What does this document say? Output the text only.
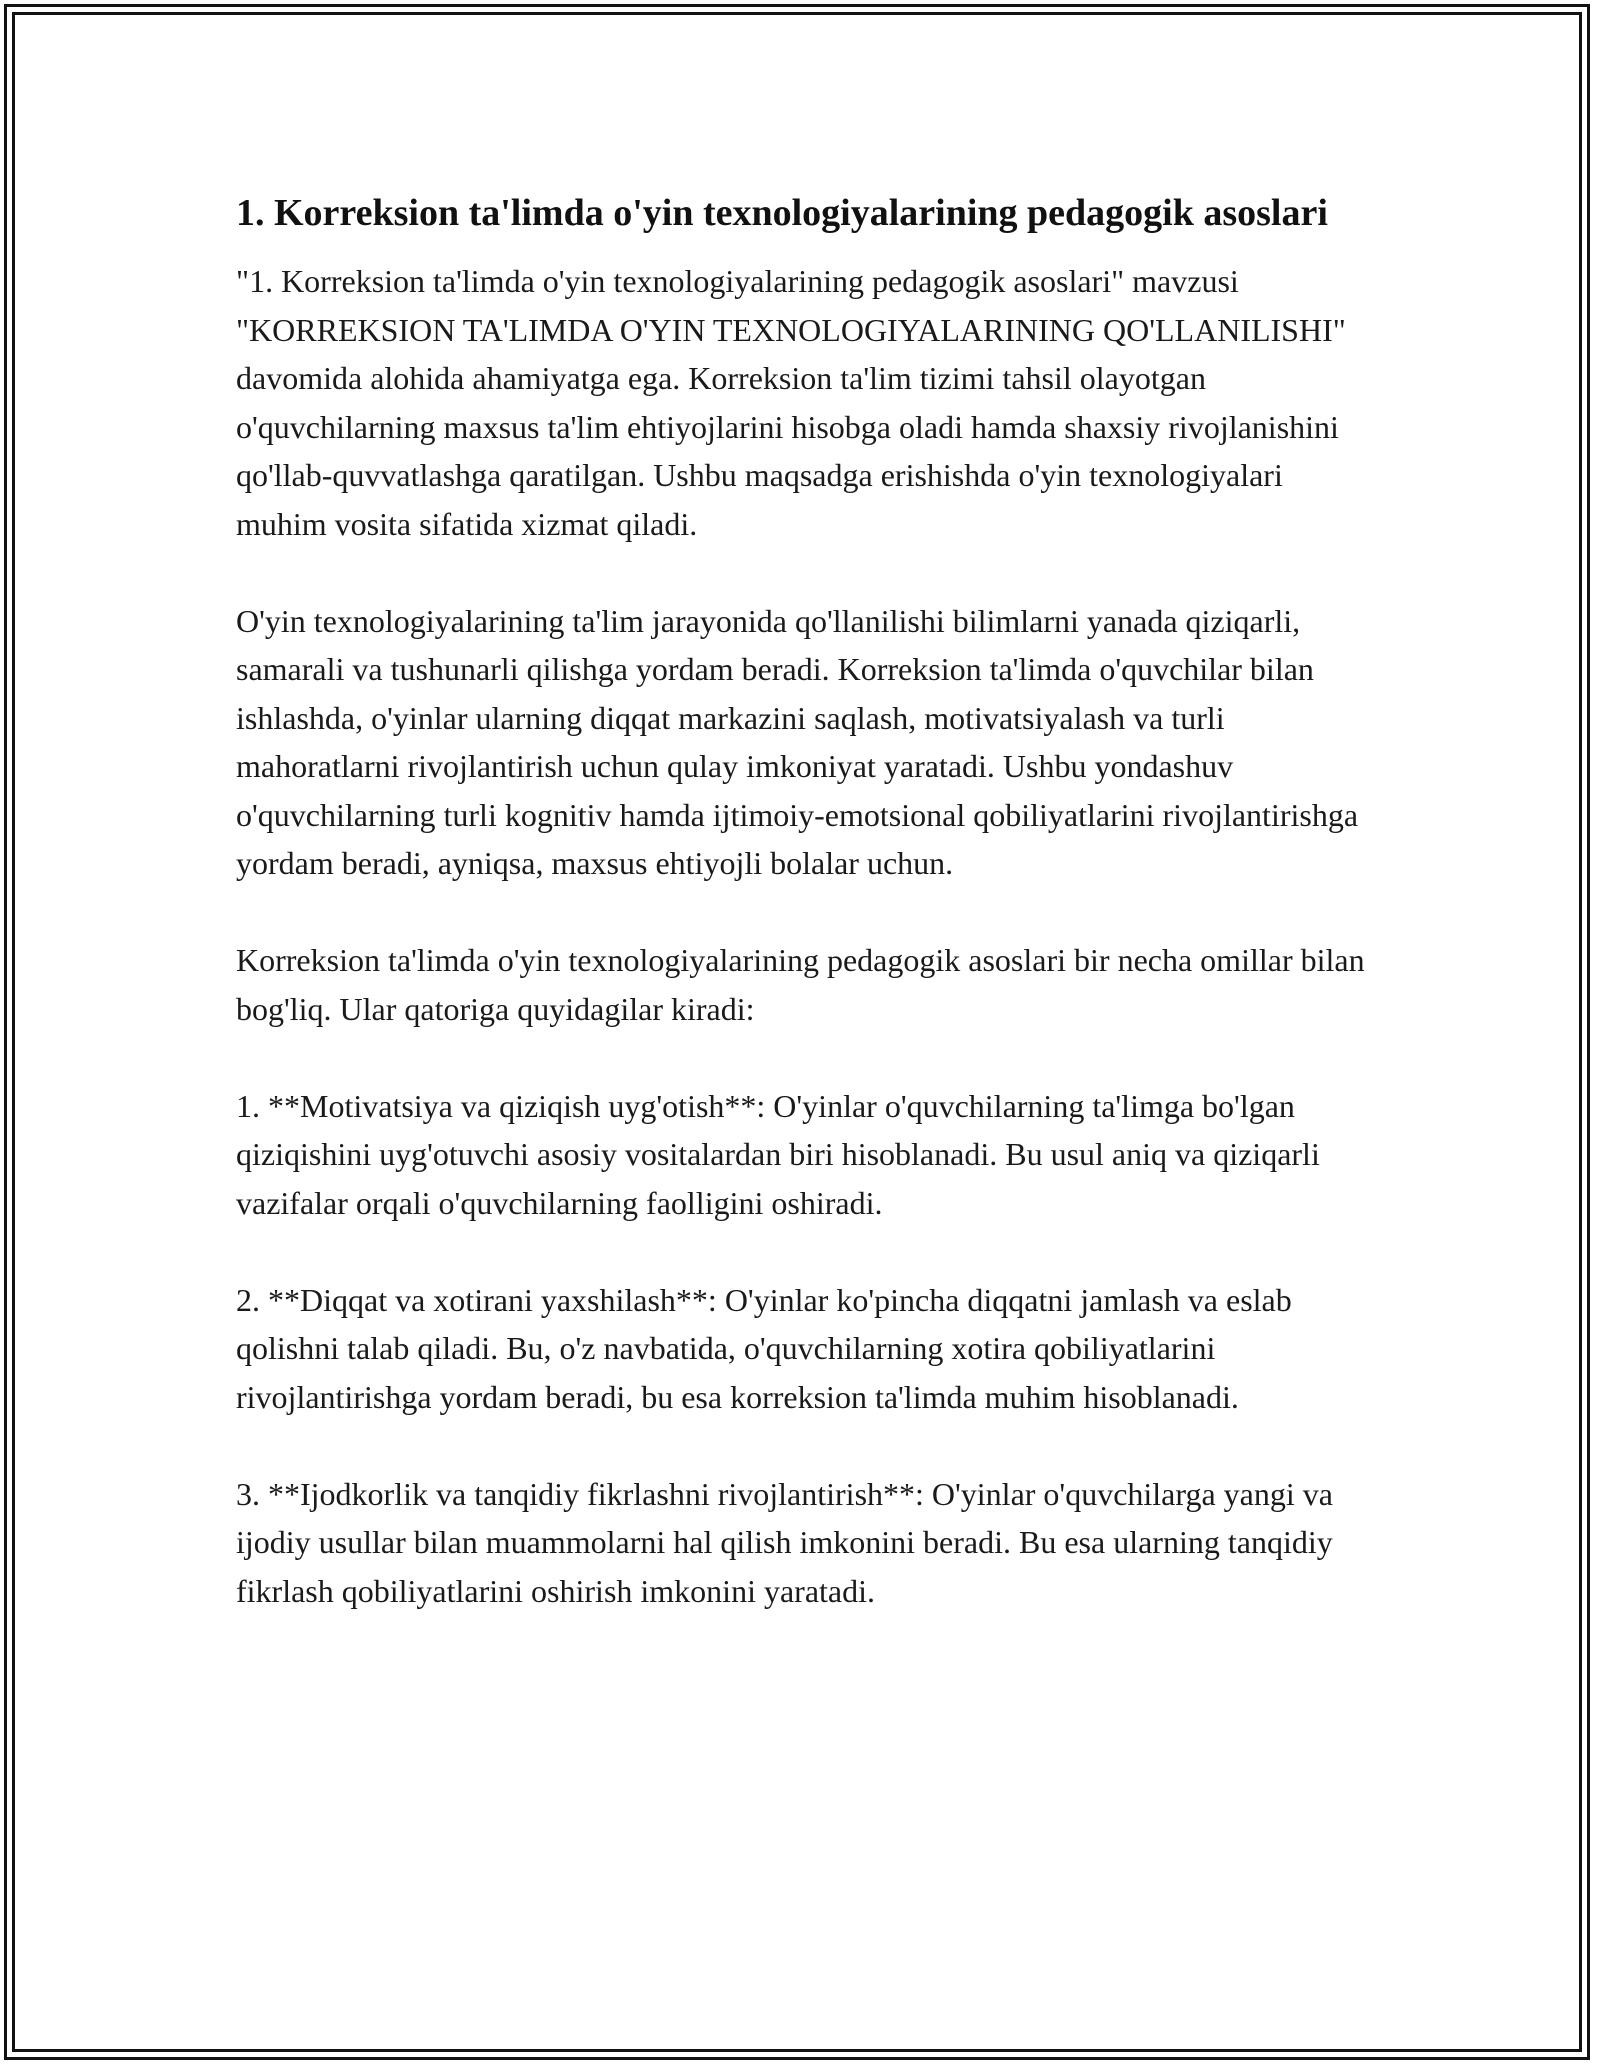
1. Korreksion ta'limda o'yin texnologiyalarining pedagogik asoslari

"1. Korreksion ta'limda o'yin texnologiyalarining pedagogik asoslari" mavzusi "KORREKSION TA'LIMDA O'YIN TEXNOLOGIYALARINING QO'LLANILISHI" davomida alohida ahamiyatga ega. Korreksion ta'lim tizimi tahsil olayotgan o'quvchilarning maxsus ta'lim ehtiyojlarini hisobga oladi hamda shaxsiy rivojlanishini qo'llab-quvvatlashga qaratilgan. Ushbu maqsadga erishishda o'yin texnologiyalari muhim vosita sifatida xizmat qiladi.

O'yin texnologiyalarining ta'lim jarayonida qo'llanilishi bilimlarni yanada qiziqarli, samarali va tushunarli qilishga yordam beradi. Korreksion ta'limda o'quvchilar bilan ishlashda, o'yinlar ularning diqqat markazini saqlash, motivatsiyalash va turli mahoratlarni rivojlantirish uchun qulay imkoniyat yaratadi. Ushbu yondashuv o'quvchilarning turli kognitiv hamda ijtimoiy-emotsional qobiliyatlarini rivojlantirishga yordam beradi, ayniqsa, maxsus ehtiyojli bolalar uchun.

Korreksion ta'limda o'yin texnologiyalarining pedagogik asoslari bir necha omillar bilan bog'liq. Ular qatoriga quyidagilar kiradi:

1. **Motivatsiya va qiziqish uyg'otish**: O'yinlar o'quvchilarning ta'limga bo'lgan qiziqishini uyg'otuvchi asosiy vositalardan biri hisoblanadi. Bu usul aniq va qiziqarli vazifalar orqali o'quvchilarning faolligini oshiradi.

2. **Diqqat va xotirani yaxshilash**: O'yinlar ko'pincha diqqatni jamlash va eslab qolishni talab qiladi. Bu, o'z navbatida, o'quvchilarning xotira qobiliyatlarini rivojlantirishga yordam beradi, bu esa korreksion ta'limda muhim hisoblanadi.

3. **Ijodkorlik va tanqidiy fikrlashni rivojlantirish**: O'yinlar o'quvchilarga yangi va ijodiy usullar bilan muammolarni hal qilish imkonini beradi. Bu esa ularning tanqidiy fikrlash qobiliyatlarini oshirish imkonini yaratadi.
